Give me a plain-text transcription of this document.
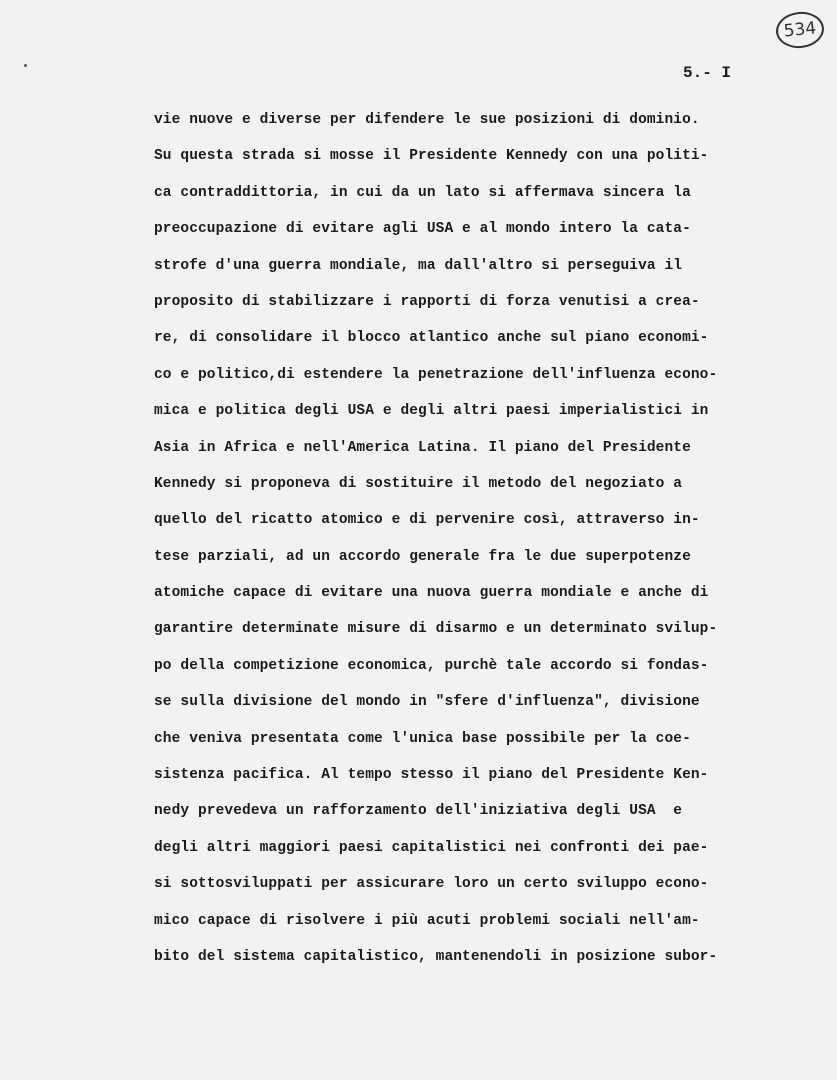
534
5.- I
vie nuove e diverse per difendere le sue posizioni di dominio.
Su questa strada si mosse il Presidente Kennedy con una politi-
ca contraddittoria, in cui da un lato si affermava sincera la
preoccupazione di evitare agli USA e al mondo intero la cata-
strofe d'una guerra mondiale, ma dall'altro si perseguiva il
proposito di stabilizzare i rapporti di forza venutisi a crea-
re, di consolidare il blocco atlantico anche sul piano economi-
co e politico,di estendere la penetrazione dell'influenza econo-
mica e politica degli USA e degli altri paesi imperialistici in
Asia in Africa e nell'America Latina. Il piano del Presidente
Kennedy si proponeva di sostituire il metodo del negoziato a
quello del ricatto atomico e di pervenire così, attraverso in-
tese parziali, ad un accordo generale fra le due superpotenze
atomiche capace di evitare una nuova guerra mondiale e anche di
garantire determinate misure di disarmo e un determinato svilup-
po della competizione economica, purchè tale accordo si fondas-
se sulla divisione del mondo in "sfere d'influenza", divisione
che veniva presentata come l'unica base possibile per la coe-
sistenza pacifica. Al tempo stesso il piano del Presidente Ken-
nedy prevedeva un rafforzamento dell'iniziativa degli USA  e
degli altri maggiori paesi capitalistici nei confronti dei pae-
si sottosviluppati per assicurare loro un certo sviluppo econo-
mico capace di risolvere i più acuti problemi sociali nell'am-
bito del sistema capitalistico, mantenendoli in posizione subor-
